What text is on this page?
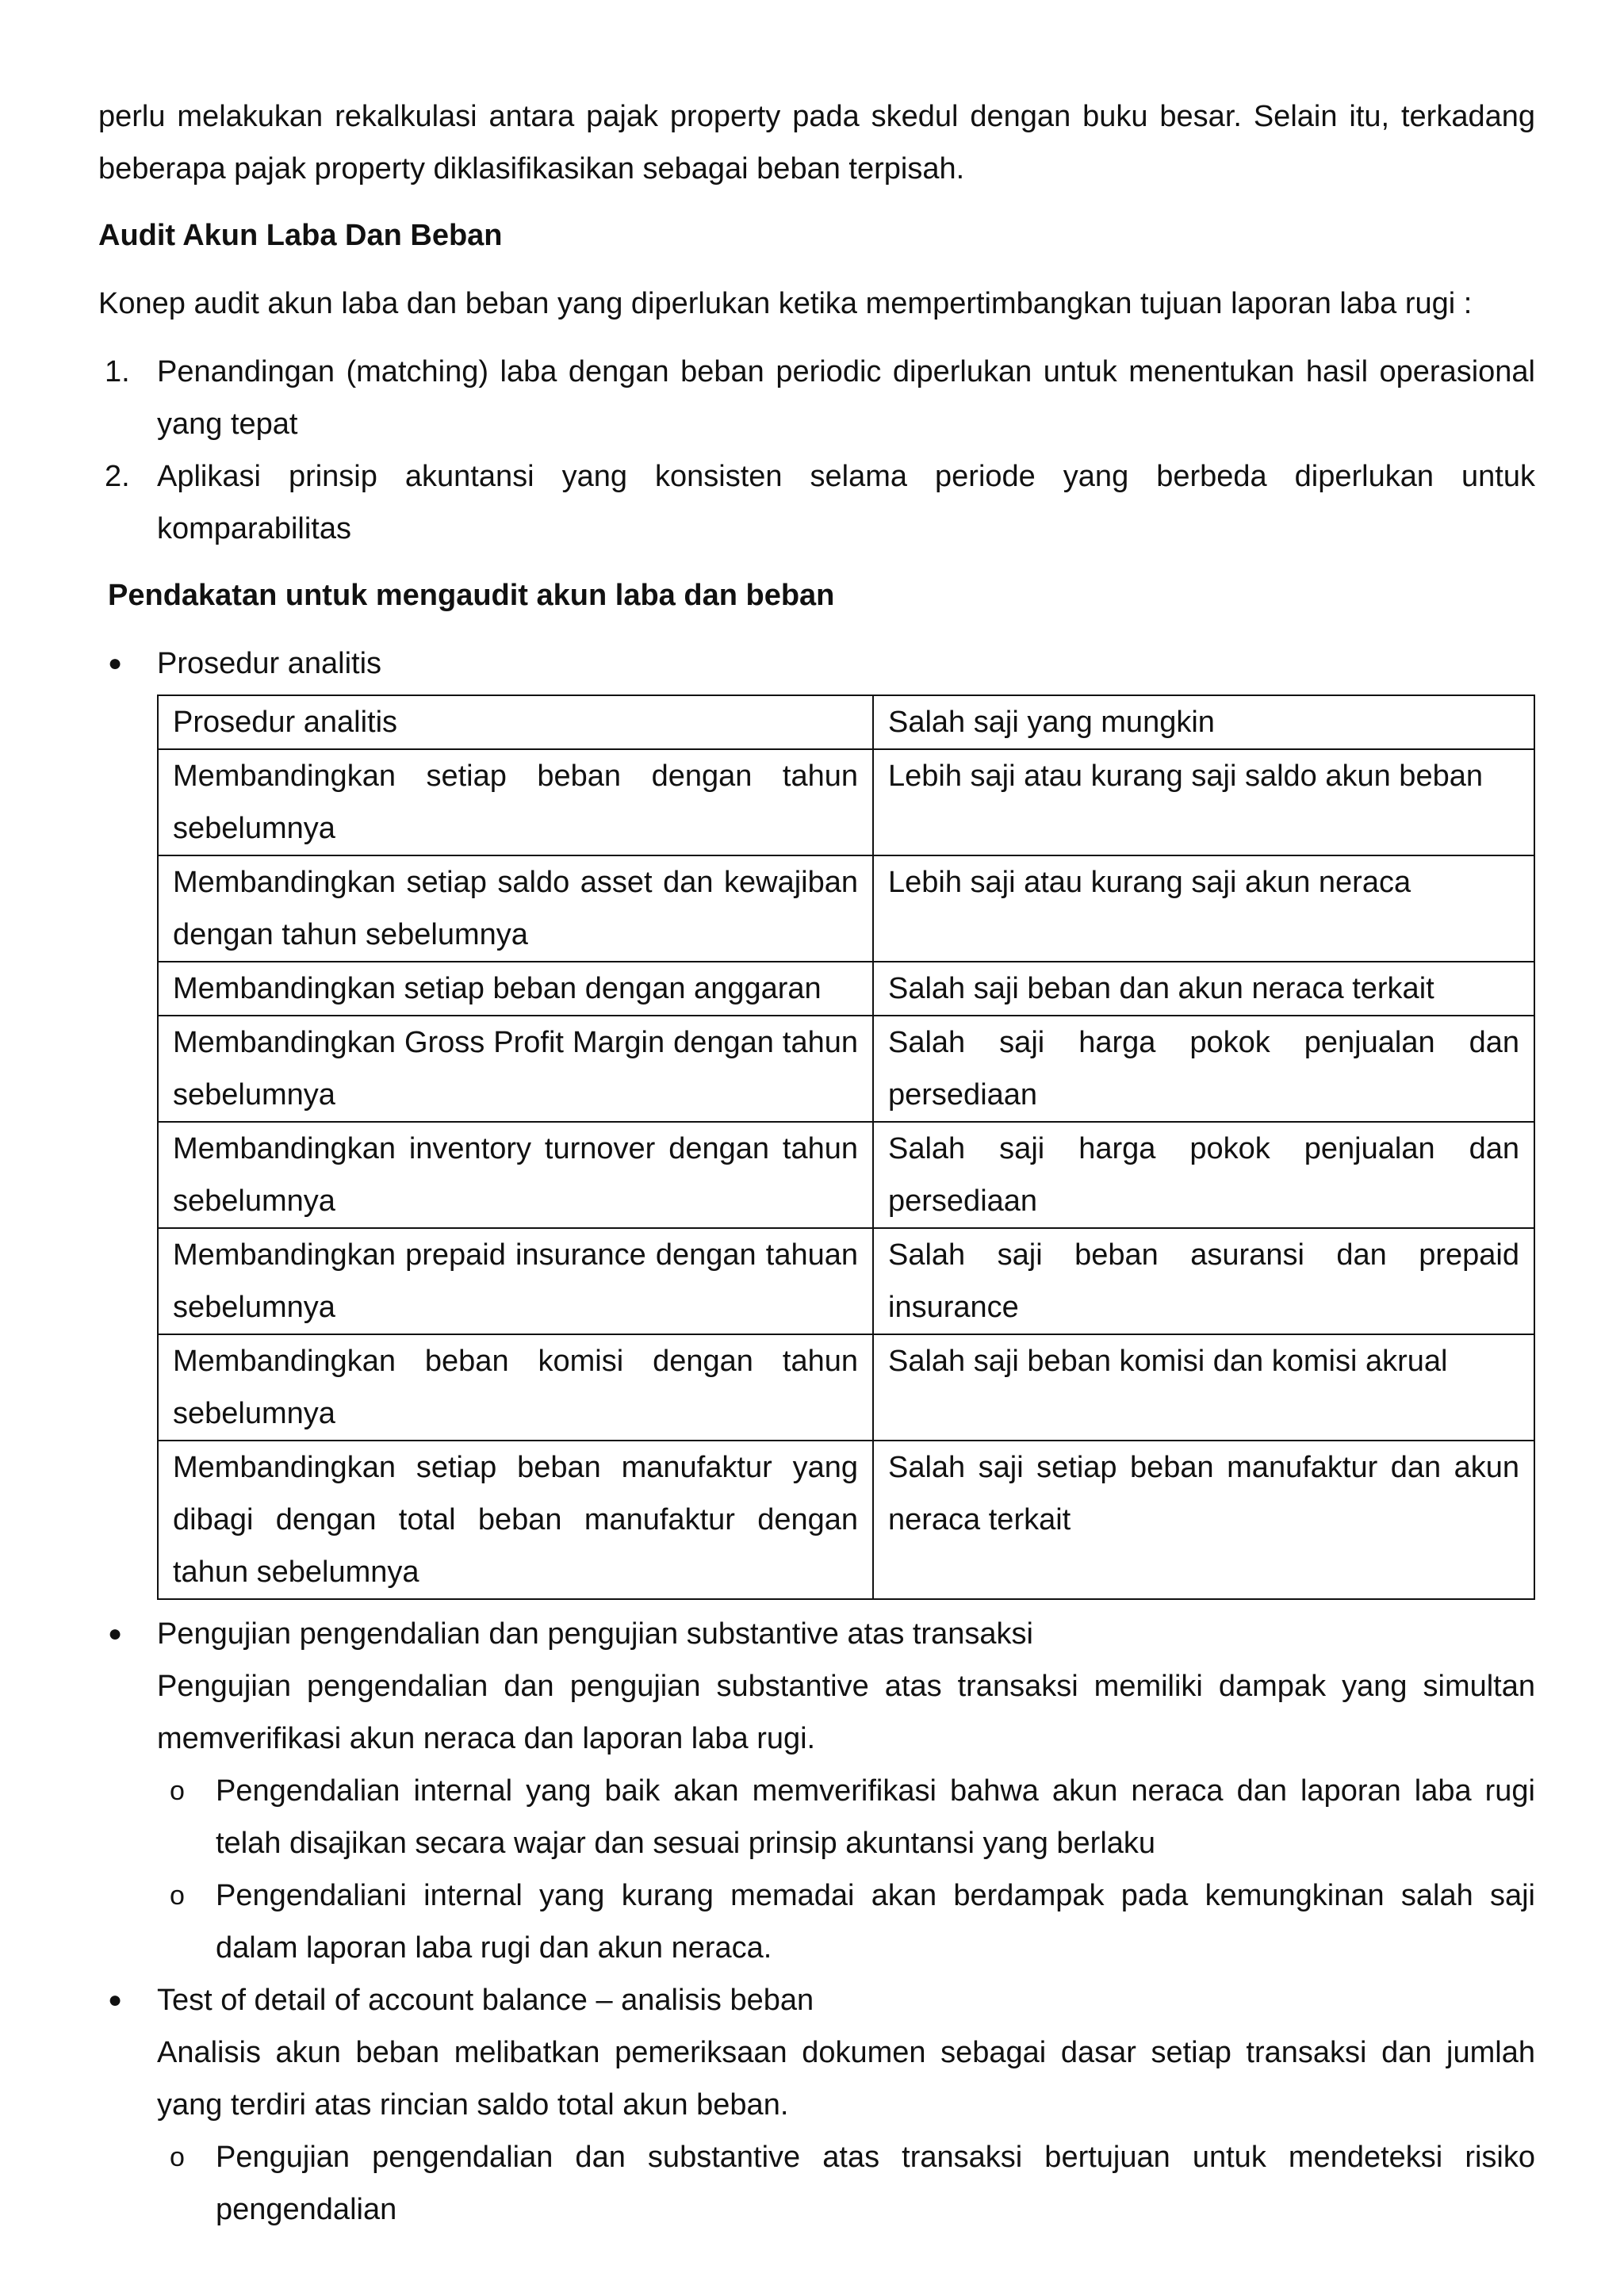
perlu melakukan rekalkulasi antara pajak property pada skedul dengan buku besar. Selain itu, terkadang beberapa pajak property diklasifikasikan sebagai beban terpisah.

Audit Akun Laba Dan Beban

Konep audit akun laba dan beban yang diperlukan ketika mempertimbangkan tujuan laporan laba rugi :

1. Penandingan (matching) laba dengan beban periodic diperlukan untuk menentukan hasil operasional yang tepat
2. Aplikasi prinsip akuntansi yang konsisten selama periode yang berbeda diperlukan untuk komparabilitas

Pendakatan untuk mengaudit akun laba dan beban

● Prosedur analitis

Prosedur analitis	Salah saji yang mungkin
Membandingkan setiap beban dengan tahun sebelumnya	Lebih saji atau kurang saji saldo akun beban
Membandingkan setiap saldo asset dan kewajiban dengan tahun sebelumnya	Lebih saji atau kurang saji akun neraca
Membandingkan setiap beban dengan anggaran	Salah saji beban dan akun neraca terkait
Membandingkan Gross Profit Margin dengan tahun sebelumnya	Salah saji harga pokok penjualan dan persediaan
Membandingkan inventory turnover dengan tahun sebelumnya	Salah saji harga pokok penjualan dan persediaan
Membandingkan prepaid insurance dengan tahuan sebelumnya	Salah saji beban asuransi dan prepaid insurance
Membandingkan beban komisi dengan tahun sebelumnya	Salah saji beban komisi dan komisi akrual
Membandingkan setiap beban manufaktur yang dibagi dengan total beban manufaktur dengan tahun sebelumnya	Salah saji setiap beban manufaktur dan akun neraca terkait
● Pengujian pengendalian dan pengujian substantive atas transaksi

Pengujian pengendalian dan pengujian substantive atas transaksi memiliki dampak yang simultan memverifikasi akun neraca dan laporan laba rugi.

o Pengendalian internal yang baik akan memverifikasi bahwa akun neraca dan laporan laba rugi telah disajikan secara wajar dan sesuai prinsip akuntansi yang berlaku
o Pengendaliani internal yang kurang memadai akan berdampak pada kemungkinan salah saji dalam laporan laba rugi dan akun neraca.
● Test of detail of account balance – analisis beban

Analisis akun beban melibatkan pemeriksaan dokumen sebagai dasar setiap transaksi dan jumlah yang terdiri atas rincian saldo total akun beban.

o Pengujian pengendalian dan substantive atas transaksi bertujuan untuk mendeteksi risiko pengendalian
